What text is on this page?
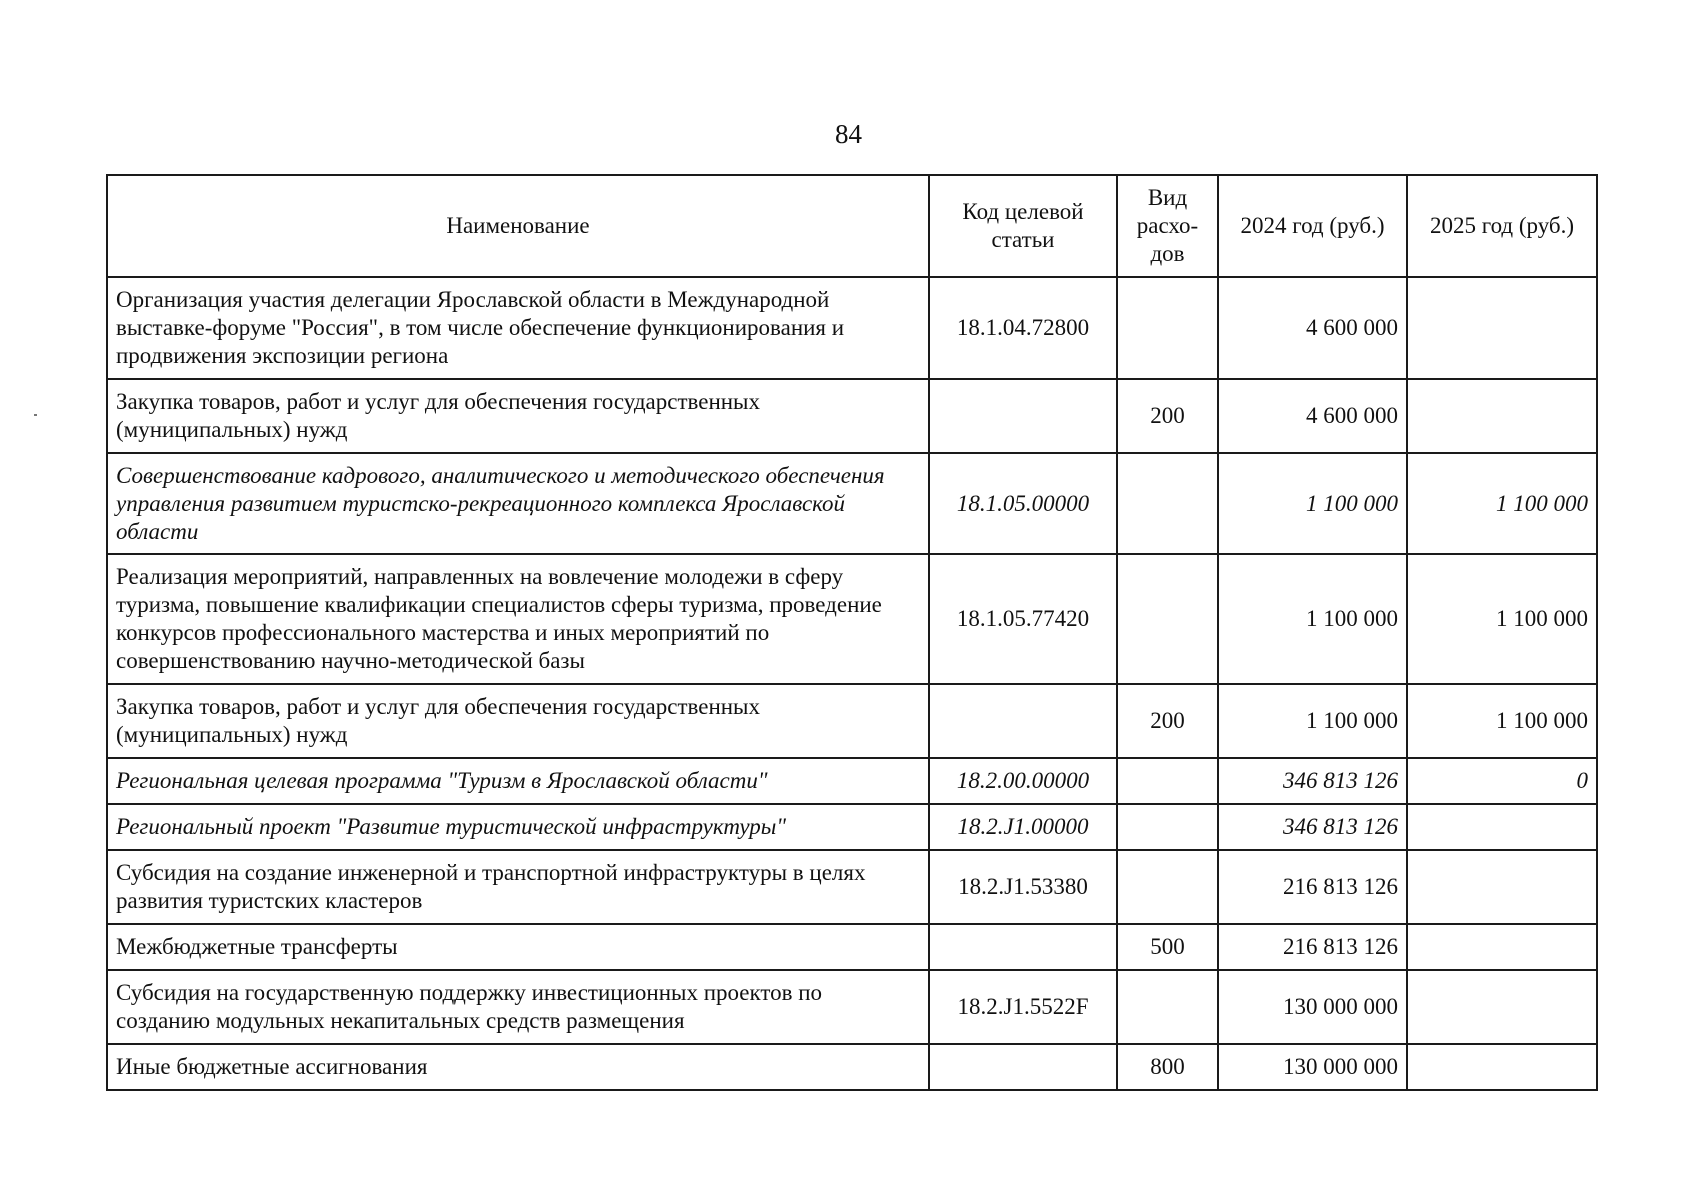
84
Наименование	Код целевой статьи	Вид расхо-дов	2024 год (руб.)	2025 год (руб.)
Организация участия делегации Ярославской области в Международной выставке-форуме "Россия", в том числе обеспечение функционирования и продвижения экспозиции региона	18.1.04.72800		4 600 000	
Закупка товаров, работ и услуг для обеспечения государственных (муниципальных) нужд		200	4 600 000	
Совершенствование кадрового, аналитического и методического обеспечения управления развитием туристско-рекреационного комплекса Ярославской области	18.1.05.00000		1 100 000	1 100 000
Реализация мероприятий, направленных на вовлечение молодежи в сферу туризма, повышение квалификации специалистов сферы туризма, проведение конкурсов профессионального мастерства и иных мероприятий по совершенствованию научно-методической базы	18.1.05.77420		1 100 000	1 100 000
Закупка товаров, работ и услуг для обеспечения государственных (муниципальных) нужд		200	1 100 000	1 100 000
Региональная целевая программа "Туризм в Ярославской области"	18.2.00.00000		346 813 126	0
Региональный проект "Развитие туристической инфраструктуры"	18.2.J1.00000		346 813 126	
Субсидия на создание инженерной и транспортной инфраструктуры в целях развития туристских кластеров	18.2.J1.53380		216 813 126	
Межбюджетные трансферты		500	216 813 126	
Субсидия на государственную поддержку инвестиционных проектов по созданию модульных некапитальных средств размещения	18.2.J1.5522F		130 000 000	
Иные бюджетные ассигнования		800	130 000 000	
